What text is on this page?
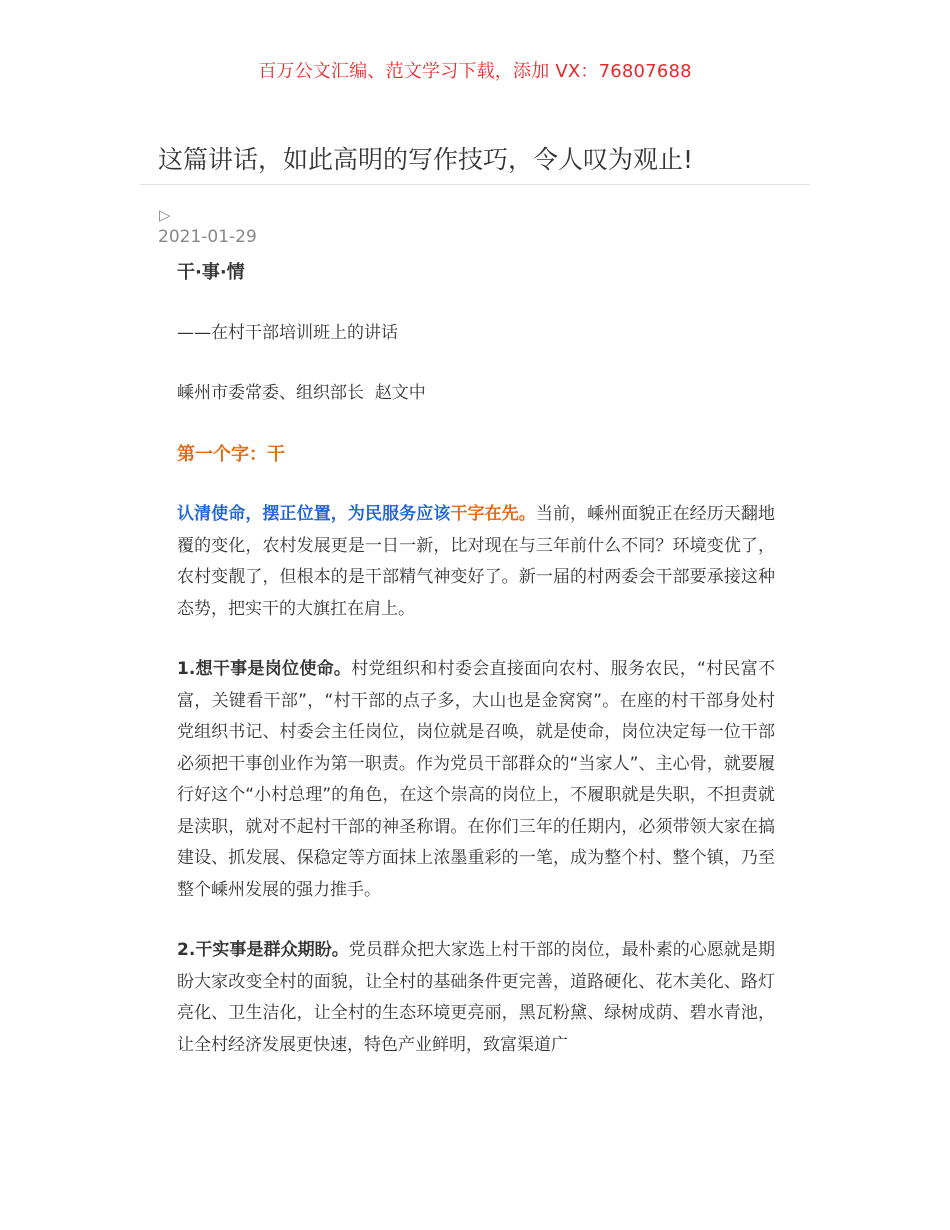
百万公文汇编、范文学习下载，添加 VX：76807688
这篇讲话，如此高明的写作技巧，令人叹为观止!
▷
2021-01-29

干·事·情

——在村干部培训班上的讲话

嵊州市委常委、组织部长  赵文中

第一个字：干

认清使命，摆正位置，为民服务应该干字在先。当前，嵊州面貌正在经历天翻地覆的变化，农村发展更是一日一新，比对现在与三年前什么不同？环境变优了，农村变靓了，但根本的是干部精气神变好了。新一届的村两委会干部要承接这种态势，把实干的大旗扛在肩上。

1.想干事是岗位使命。村党组织和村委会直接面向农村、服务农民，“村民富不富，关键看干部”，“村干部的点子多，大山也是金窝窝”。在座的村干部身处村党组织书记、村委会主任岗位，岗位就是召唤，就是使命，岗位决定每一位干部必须把干事创业作为第一职责。作为党员干部群众的“当家人”、主心骨，就要履行好这个“小村总理”的角色，在这个崇高的岗位上，不履职就是失职，不担责就是渎职，就对不起村干部的神圣称谓。在你们三年的任期内，必须带领大家在搞建设、抓发展、保稳定等方面抹上浓墨重彩的一笔，成为整个村、整个镇，乃至整个嵊州发展的强力推手。

2.干实事是群众期盼。党员群众把大家选上村干部的岗位，最朴素的心愿就是期盼大家改变全村的面貌，让全村的基础条件更完善，道路硬化、花木美化、路灯亮化、卫生洁化，让全村的生态环境更亮丽，黑瓦粉黛、绿树成荫、碧水青池，让全村经济发展更快速，特色产业鲜明，致富渠道广
